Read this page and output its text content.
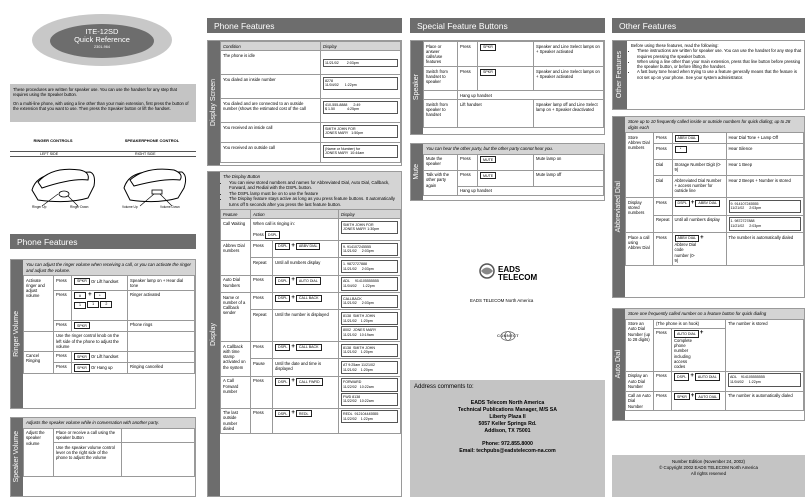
ITE-12SD
Quick Reference
2301-964

These procedures are written for speaker use. You can use the handset for any step that requires using the Speaker button.

On a multi-line phone, with using a line other than your main extension, first press the button of the extension that you want to use. Then press the Speaker button or lift the handset.

RINGER CONTROLS	SPEAKERPHONE CONTROL
LEFT SIDE	RIGHT SIDE
Ringer Up	Ringer Down	Volume Up	Volume Down
Phone Features
Ringer Volume
You can adjust the ringer volume when receiving a call, or you can activate the ringer and adjust the volume.
Activate ringer and adjust volume	Press	SPKR Or Lift handset	Speaker lamp on + Hear dial tone
	Press	# + *
1 1 2	Ringer activated
	Press	SPKR	Phone rings
	Use the ringer control knob on the left side of the phone to adjust the volume		
Cancel Ringing	Press	SPKR Or Lift handset	
	Press	SPKR Or Hang up	Ringing cancelled
Speaker Volume
Adjusts the speaker volume while in conversation with another party.
Adjust the speaker volume	Place or receive a call using the speaker button	
	Use the speaker volume control lever on the right side of the phone to adjust the volume	
Phone Features
Display Screen
Condition	Display
The phone is idle	11/21/02        2:03pm

You dialed an inside number	8278
11/04/02      1:22pm

You dialed and are connected to an outside number (shows the estimated cost of the call	410-555-8888      2:49
$ 1.50            4:25pm

You received an inside call	SMITH JOHN FOR
JONES MARY   1:50pm

You received an outside call	(Name or Number) for
JONES MARY  10:44am
Display
The Display Button
• You can view stored numbers and names for Abbreviated Dial, Auto Dial, Callback, Forward, and Redial with the DSPL button.
• The DSPL lamp must be on to use the feature
• The Display feature stays active as long as you press feature buttons. It automatically turns off 5 seconds after you press the last feature button.
Feature	Action		Display
Call Waiting	When call is ringing in:

Press DSPL		SMITH JOHN FOR
JONES MARY 1:30pm

Abbrev Dial numbers	Press	DSPL + ABBV DIAL	9. 914107245555
11/21/02     2:03pm

	Repeat	Until all numbers display	1. 9872727888
11/21/02     2:03pm

Auto Dial Numbers	Press	DSPL + AUTO DIAL	ADL     914105555555
11/04/02      1:22pm

Name or number of a Callback sender	Press	DSPL + CALL BACK	CALLBACK
11/21/02     2:03pm

	Repeat	Until the number is displayed	8138  SMITH JOHN
11/21/02    1:20pm
8002  JONES MARY
11/21/02   10:19am

A Callback with time stamp activated on the system	Press	DSPL + CALL BACK	8138  SMITH JOHN
11/21/02    1:20pm

	Pause	Until the date and time is displayed	AT 9:25am 11/21/02
11/21/02    1:20pm

A Call Forward number	Press	DSPL + CALL FWRD	FORWARD
11/22/02   10:22am
FWD 8138
11/22/02   10:22am

The last outside number dialed	Press	DSPL + REDL	REDL  912104445555
11/22/02    1:22pm
Special Feature Buttons
Speaker
Place or answer calls/use features	Press	SPKR	Speaker and Line Select lamps on + Speaker activated
Switch from handset to speaker	Press	SPKR	Speaker and Line Select lamps on + Speaker activated
	Hang up handset		
Switch from speaker to handset	Lift handset		Speaker lamp off and Line Select lamp on + Speaker deactivated
Mute
You can hear the other party, but the other party cannot hear you.
Mute the speaker	Press	MUTE	Mute lamp on
Talk with the other party again	Press	MUTE	Mute lamp off
	Hang up handset		
EADS TELECOM
EADS TELECOM North America
CONNECT
Address comments to:
EADS Telecom North America
Technical Publications Manager, M/S SA
Liberty Plaza II
5057 Keller Springs Rd.
Addison, TX 75001
Phone: 972.855.8000
Email: techpubs@eadstelecom-na.com
Other Features
Other Features
Before using these features, read the following:
• These instructions are written for speaker use. You can use the handset for any step that requires pressing the speaker button.
• When using a line other than your main extension, press that line button before pressing the speaker button, or before lifting the handset.
• A fast busy tone heard when trying to use a feature generally means that the feature is not set up on your phone. See your system administrator.
Abbreviated Dial
Store up to 10 frequently called inside or outside numbers for quick dialing; up to 28 digits each
Store Abbrev Dial numbers	Press	ABBV DIAL	Hear Dial Tone + Lamp Off
	Press	*	Hear Silence
	Dial	Storage Number Digit (0-9)	Hear 1 Beep
	Dial	Abbreviated Dial Number + access number for outside line	Hear 2 Beeps + Number is stored
Display stored numbers	Press	DSPL + ABBV DIAL	9. 914107245555
11/21/02     2:03pm

	Repeat	Until all numbers display	1. 9872727888
11/21/02     2:03pm

Place a call using Abbrev Dial	Press	ABBV DIAL +Abbrev Dial code number (0-9)	The number is automatically dialed
Auto Dial
Store one frequently called number on a feature button for quick dialing
Store an Auto Dial Number (up to 28 digits)	(The phone is on hook)		The number is stored
	Press	AUTO DIAL +Complete phone number including access codes	
Display an Auto Dial Number	Press	DSPL + AUTO DIAL	ADL    914105555555
11/04/02     1:22pm

Call an Auto Dial Number	Press	SPKR + AUTO DIAL	The number is automatically dialed
Number Edition (November 24, 2002)
© Copyright 2002 EADS TELECOM North America
All rights reserved
